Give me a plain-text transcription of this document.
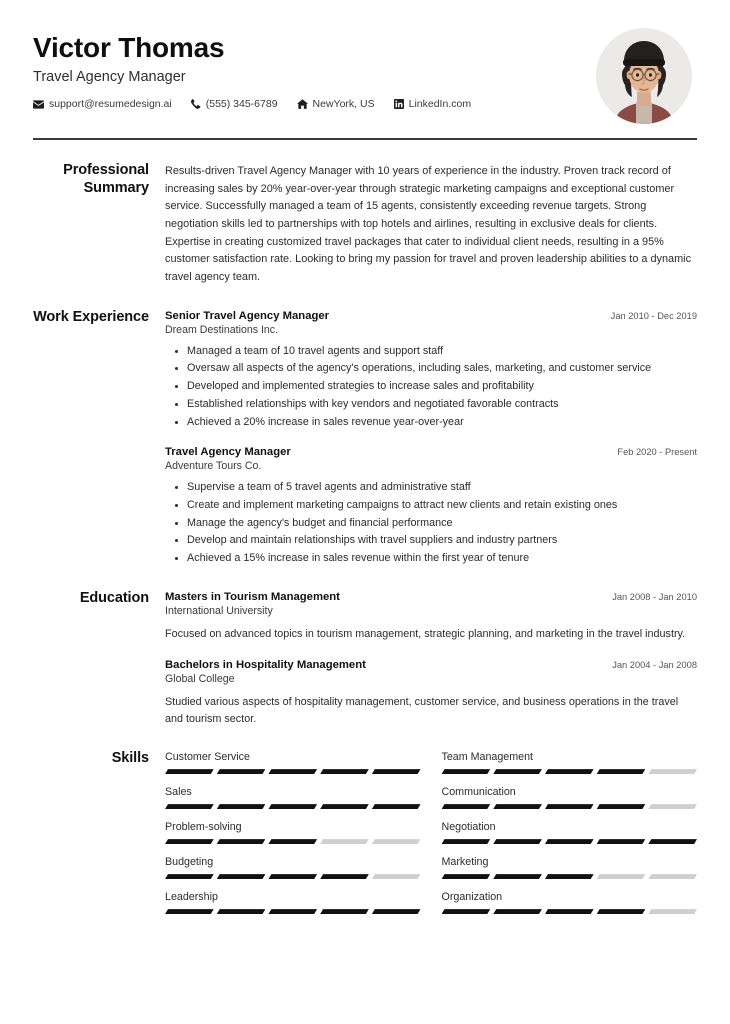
Victor Thomas
Travel Agency Manager
support@resumedesign.ai	(555) 345-6789	NewYork, US	LinkedIn.com
Professional Summary
Results-driven Travel Agency Manager with 10 years of experience in the industry. Proven track record of increasing sales by 20% year-over-year through strategic marketing campaigns and exceptional customer service. Successfully managed a team of 15 agents, consistently exceeding revenue targets. Strong negotiation skills led to partnerships with top hotels and airlines, resulting in exclusive deals for clients. Expertise in creating customized travel packages that cater to individual client needs, resulting in a 95% customer satisfaction rate. Looking to bring my passion for travel and proven leadership abilities to a dynamic travel agency team.
Work Experience	Senior Travel Agency Manager	Jan 2010 - Dec 2019
Dream Destinations Inc.
Managed a team of 10 travel agents and support staff
Oversaw all aspects of the agency's operations, including sales, marketing, and customer service
Developed and implemented strategies to increase sales and profitability
Established relationships with key vendors and negotiated favorable contracts
Achieved a 20% increase in sales revenue year-over-year
Travel Agency Manager	Feb 2020 - Present
Adventure Tours Co.
Supervise a team of 5 travel agents and administrative staff
Create and implement marketing campaigns to attract new clients and retain existing ones
Manage the agency's budget and financial performance
Develop and maintain relationships with travel suppliers and industry partners
Achieved a 15% increase in sales revenue within the first year of tenure
Education	Masters in Tourism Management	Jan 2008 - Jan 2010
International University
Focused on advanced topics in tourism management, strategic planning, and marketing in the travel industry.
Bachelors in Hospitality Management	Jan 2004 - Jan 2008
Global College
Studied various aspects of hospitality management, customer service, and business operations in the travel and tourism sector.
Skills	Customer Service	Team Management
Sales	Communication
Problem-solving	Negotiation
Budgeting	Marketing
Leadership	Organization
